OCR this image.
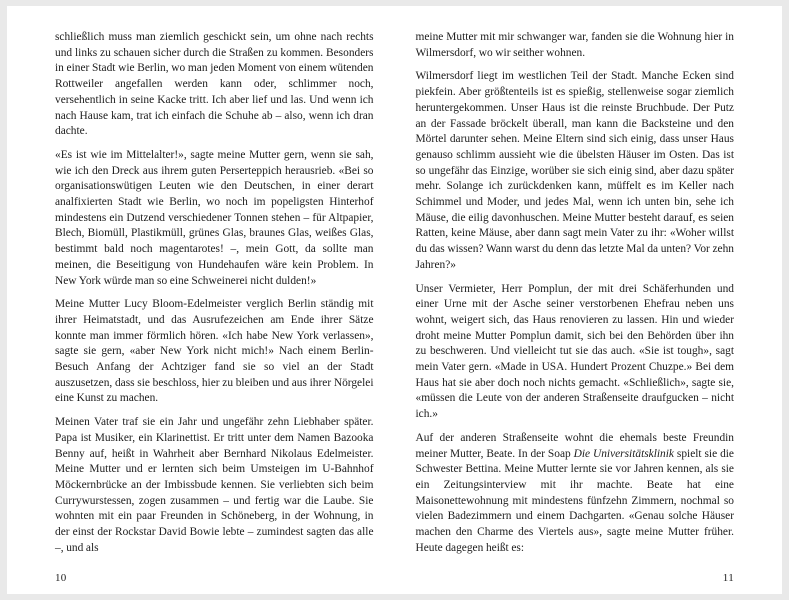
schließlich muss man ziemlich geschickt sein, um ohne nach rechts und links zu schauen sicher durch die Straßen zu kommen. Besonders in einer Stadt wie Berlin, wo man jeden Moment von einem wütenden Rottweiler angefallen werden kann oder, schlimmer noch, versehentlich in seine Kacke tritt. Ich aber lief und las. Und wenn ich nach Hause kam, trat ich einfach die Schuhe ab – also, wenn ich dran dachte.

«Es ist wie im Mittelalter!», sagte meine Mutter gern, wenn sie sah, wie ich den Dreck aus ihrem guten Perserteppich herausrieb. «Bei so organisationswütigen Leuten wie den Deutschen, in einer derart analfixierten Stadt wie Berlin, wo noch im popeligsten Hinterhof mindestens ein Dutzend verschiedener Tonnen stehen – für Altpapier, Blech, Biomüll, Plastikmüll, grünes Glas, braunes Glas, weißes Glas, bestimmt bald noch magentarotes! –, mein Gott, da sollte man meinen, die Beseitigung von Hundehaufen wäre kein Problem. In New York würde man so eine Schweinerei nicht dulden!»

Meine Mutter Lucy Bloom-Edelmeister verglich Berlin ständig mit ihrer Heimatstadt, und das Ausrufezeichen am Ende ihrer Sätze konnte man immer förmlich hören. «Ich habe New York verlassen», sagte sie gern, «aber New York nicht mich!» Nach einem Berlin-Besuch Anfang der Achtziger fand sie so viel an der Stadt auszusetzen, dass sie beschloss, hier zu bleiben und aus ihrer Nörgelei eine Kunst zu machen.

Meinen Vater traf sie ein Jahr und ungefähr zehn Liebhaber später. Papa ist Musiker, ein Klarinettist. Er tritt unter dem Namen Bazooka Benny auf, heißt in Wahrheit aber Bernhard Nikolaus Edelmeister. Meine Mutter und er lernten sich beim Umsteigen im U-Bahnhof Möckernbrücke an der Imbissbude kennen. Sie verliebten sich beim Currywurstessen, zogen zusammen – und fertig war die Laube. Sie wohnten mit ein paar Freunden in Schöneberg, in der Wohnung, in der einst der Rockstar David Bowie lebte – zumindest sagten das alle –, und als

10

meine Mutter mit mir schwanger war, fanden sie die Wohnung hier in Wilmersdorf, wo wir seither wohnen.

Wilmersdorf liegt im westlichen Teil der Stadt. Manche Ecken sind piekfein. Aber größtenteils ist es spießig, stellenweise sogar ziemlich heruntergekommen. Unser Haus ist die reinste Bruchbude. Der Putz an der Fassade bröckelt überall, man kann die Backsteine und den Mörtel darunter sehen. Meine Eltern sind sich einig, dass unser Haus genauso schlimm aussieht wie die übelsten Häuser im Osten. Das ist so ungefähr das Einzige, worüber sie sich einig sind, aber dazu später mehr. Solange ich zurückdenken kann, müffelt es im Keller nach Schimmel und Moder, und jedes Mal, wenn ich unten bin, sehe ich Mäuse, die eilig davonhuschen. Meine Mutter besteht darauf, es seien Ratten, keine Mäuse, aber dann sagt mein Vater zu ihr: «Woher willst du das wissen? Wann warst du denn das letzte Mal da unten? Vor zehn Jahren?»

Unser Vermieter, Herr Pomplun, der mit drei Schäferhunden und einer Urne mit der Asche seiner verstorbenen Ehefrau neben uns wohnt, weigert sich, das Haus renovieren zu lassen. Hin und wieder droht meine Mutter Pomplun damit, sich bei den Behörden über ihn zu beschweren. Und vielleicht tut sie das auch. «Sie ist tough», sagt mein Vater gern. «Made in USA. Hundert Prozent Chuzpe.» Bei dem Haus hat sie aber doch noch nichts gemacht. «Schließlich», sagte sie, «müssen die Leute von der anderen Straßenseite draufgucken – nicht ich.»

Auf der anderen Straßenseite wohnt die ehemals beste Freundin meiner Mutter, Beate. In der Soap Die Universitätsklinik spielt sie die Schwester Bettina. Meine Mutter lernte sie vor Jahren kennen, als sie ein Zeitungsinterview mit ihr machte. Beate hat eine Maisonettewohnung mit mindestens fünfzehn Zimmern, nochmal so vielen Badezimmern und einem Dachgarten. «Genau solche Häuser machen den Charme des Viertels aus», sagte meine Mutter früher. Heute dagegen heißt es:

11
